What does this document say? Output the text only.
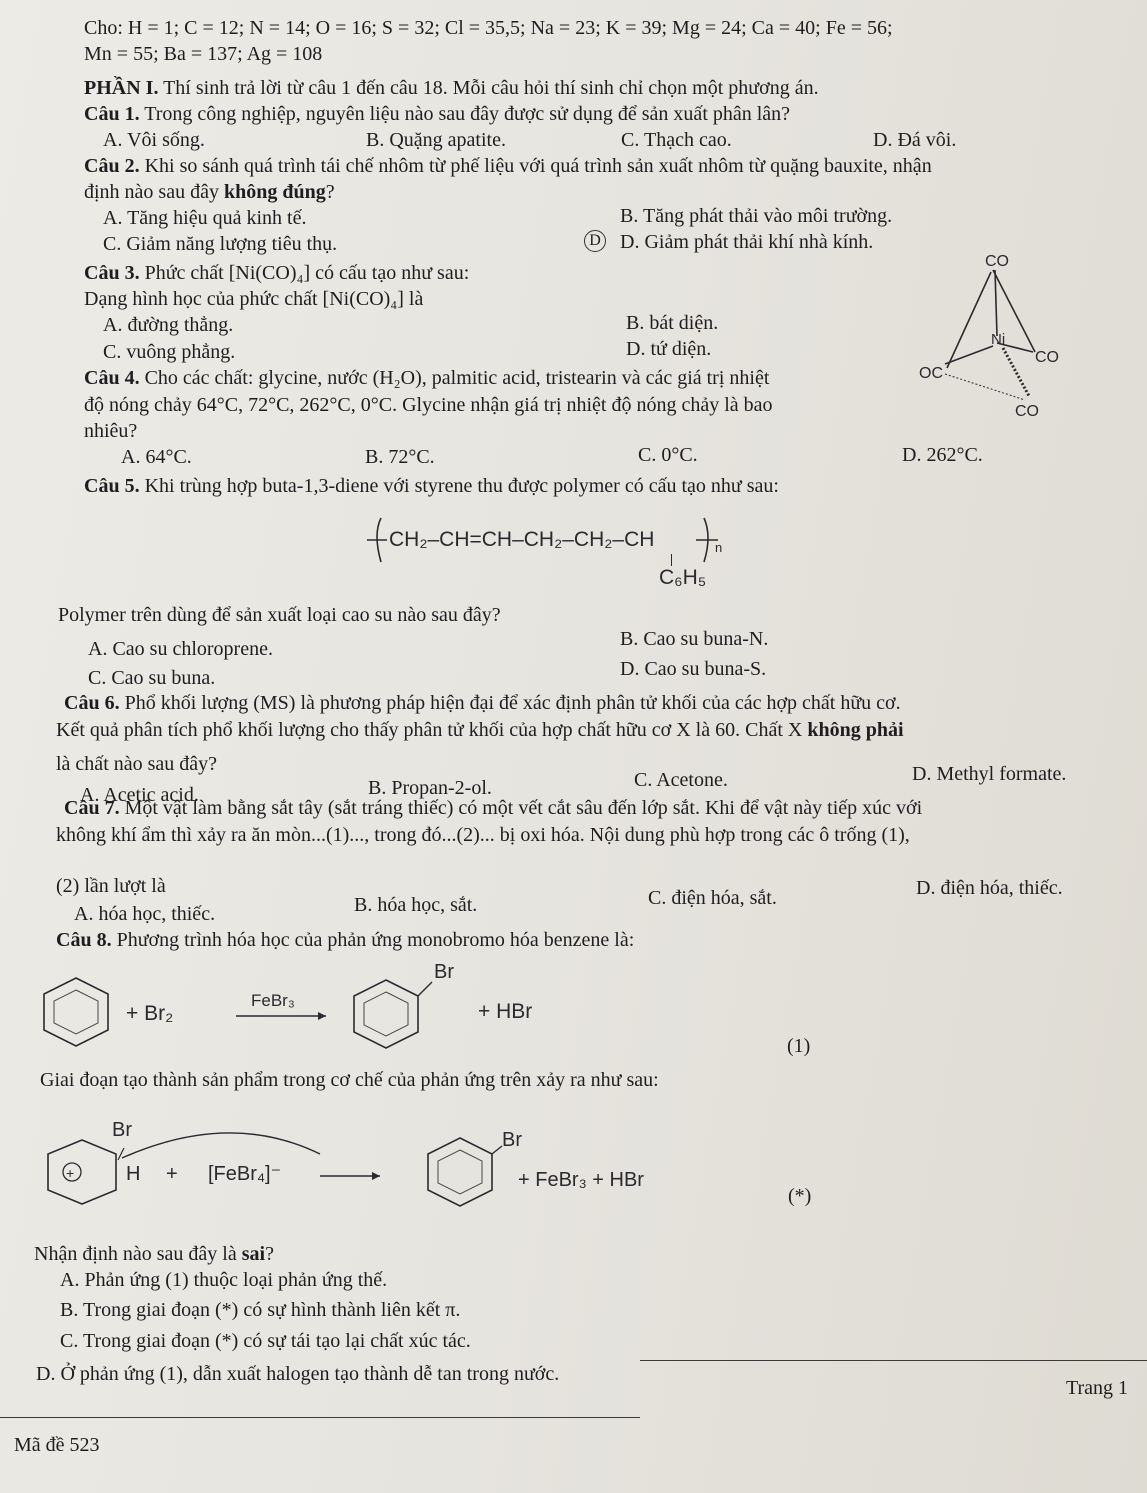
Cho: H = 1; C = 12; N = 14; O = 16; S = 32; Cl = 35,5; Na = 23; K = 39; Mg = 24; Ca = 40; Fe = 56;
Mn = 55; Ba = 137; Ag = 108
PHẦN I. Thí sinh trả lời từ câu 1 đến câu 18. Mỗi câu hỏi thí sinh chỉ chọn một phương án.
Câu 1. Trong công nghiệp, nguyên liệu nào sau đây được sử dụng để sản xuất phân lân?
A. Vôi sống.	B. Quặng apatite.	C. Thạch cao.	D. Đá vôi.
Câu 2. Khi so sánh quá trình tái chế nhôm từ phế liệu với quá trình sản xuất nhôm từ quặng bauxite, nhận
định nào sau đây không đúng?
A. Tăng hiệu quả kinh tế.	B. Tăng phát thải vào môi trường.
C. Giảm năng lượng tiêu thụ.	D D. Giảm phát thải khí nhà kính.
Câu 3. Phức chất [Ni(CO)₄] có cấu tạo như sau:
Dạng hình học của phức chất [Ni(CO)₄] là
A. đường thẳng.	B. bát diện.
C. vuông phẳng.	D. tứ diện.
CO
Ni
CO
OC
CO
Câu 4. Cho các chất: glycine, nước (H₂O), palmitic acid, tristearin và các giá trị nhiệt
độ nóng chảy 64°C, 72°C, 262°C, 0°C. Glycine nhận giá trị nhiệt độ nóng chảy là bao
nhiêu?
A. 64°C.	B. 72°C.	C. 0°C.	D. 262°C.
Câu 5. Khi trùng hợp buta-1,3-diene với styrene thu được polymer có cấu tạo như sau:
CH₂–CH=CH–CH₂–CH₂–CH	n
C₆H₅
Polymer trên dùng để sản xuất loại cao su nào sau đây?
A. Cao su chloroprene.	B. Cao su buna-N.
C. Cao su buna.	D. Cao su buna-S.
Câu 6. Phổ khối lượng (MS) là phương pháp hiện đại để xác định phân tử khối của các hợp chất hữu cơ.
Kết quả phân tích phổ khối lượng cho thấy phân tử khối của hợp chất hữu cơ X là 60. Chất X không phải
là chất nào sau đây?
A. Acetic acid.	B. Propan-2-ol.	C. Acetone.	D. Methyl formate.
Câu 7. Một vật làm bằng sắt tây (sắt tráng thiếc) có một vết cắt sâu đến lớp sắt. Khi để vật này tiếp xúc với
không khí ẩm thì xảy ra ăn mòn...(1)..., trong đó...(2)... bị oxi hóa. Nội dung phù hợp trong các ô trống (1),
(2) lần lượt là
A. hóa học, thiếc.	B. hóa học, sắt.	C. điện hóa, sắt.	D. điện hóa, thiếc.
Câu 8. Phương trình hóa học của phản ứng monobromo hóa benzene là:
+ Br₂
FeBr₃
Br
+ HBr
(1)
Giai đoạn tạo thành sản phẩm trong cơ chế của phản ứng trên xảy ra như sau:
Br
+	H + [FeBr₄]⁻
Br
+ FeBr₃ + HBr
(*)
Nhận định nào sau đây là sai?
A. Phản ứng (1) thuộc loại phản ứng thế.
B. Trong giai đoạn (*) có sự hình thành liên kết π.
C. Trong giai đoạn (*) có sự tái tạo lại chất xúc tác.
D. Ở phản ứng (1), dẫn xuất halogen tạo thành dễ tan trong nước.
Trang 1
Mã đề 523
